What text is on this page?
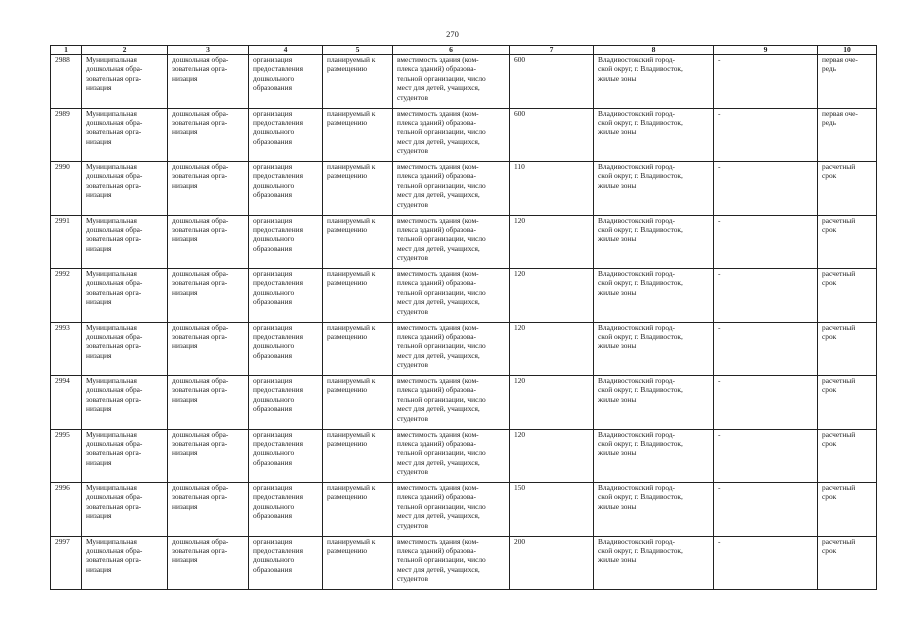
270
1	2	3	4	5	6	7	8	9	10
2988	Муниципальная
дошкольная обра-
зовательная орга-
низация	дошкольная обра-
зовательная орга-
низация	организация
предоставления
дошкольного
образования	планируемый к
размещению	вместимость здания (ком-
плекса зданий) образова-
тельной организации, число
мест для детей, учащихся,
студентов	600	Владивостокский город-
ской округ, г. Владивосток,
жилые зоны	-	первая оче-
редь
2989	Муниципальная
дошкольная обра-
зовательная орга-
низация	дошкольная обра-
зовательная орга-
низация	организация
предоставления
дошкольного
образования	планируемый к
размещению	вместимость здания (ком-
плекса зданий) образова-
тельной организации, число
мест для детей, учащихся,
студентов	600	Владивостокский город-
ской округ, г. Владивосток,
жилые зоны	-	первая оче-
редь
2990	Муниципальная
дошкольная обра-
зовательная орга-
низация	дошкольная обра-
зовательная орга-
низация	организация
предоставления
дошкольного
образования	планируемый к
размещению	вместимость здания (ком-
плекса зданий) образова-
тельной организации, число
мест для детей, учащихся,
студентов	110	Владивостокский город-
ской округ, г. Владивосток,
жилые зоны	-	расчетный
срок
2991	Муниципальная
дошкольная обра-
зовательная орга-
низация	дошкольная обра-
зовательная орга-
низация	организация
предоставления
дошкольного
образования	планируемый к
размещению	вместимость здания (ком-
плекса зданий) образова-
тельной организации, число
мест для детей, учащихся,
студентов	120	Владивостокский город-
ской округ, г. Владивосток,
жилые зоны	-	расчетный
срок
2992	Муниципальная
дошкольная обра-
зовательная орга-
низация	дошкольная обра-
зовательная орга-
низация	организация
предоставления
дошкольного
образования	планируемый к
размещению	вместимость здания (ком-
плекса зданий) образова-
тельной организации, число
мест для детей, учащихся,
студентов	120	Владивостокский город-
ской округ, г. Владивосток,
жилые зоны	-	расчетный
срок
2993	Муниципальная
дошкольная обра-
зовательная орга-
низация	дошкольная обра-
зовательная орга-
низация	организация
предоставления
дошкольного
образования	планируемый к
размещению	вместимость здания (ком-
плекса зданий) образова-
тельной организации, число
мест для детей, учащихся,
студентов	120	Владивостокский город-
ской округ, г. Владивосток,
жилые зоны	-	расчетный
срок
2994	Муниципальная
дошкольная обра-
зовательная орга-
низация	дошкольная обра-
зовательная орга-
низация	организация
предоставления
дошкольного
образования	планируемый к
размещению	вместимость здания (ком-
плекса зданий) образова-
тельной организации, число
мест для детей, учащихся,
студентов	120	Владивостокский город-
ской округ, г. Владивосток,
жилые зоны	-	расчетный
срок
2995	Муниципальная
дошкольная обра-
зовательная орга-
низация	дошкольная обра-
зовательная орга-
низация	организация
предоставления
дошкольного
образования	планируемый к
размещению	вместимость здания (ком-
плекса зданий) образова-
тельной организации, число
мест для детей, учащихся,
студентов	120	Владивостокский город-
ской округ, г. Владивосток,
жилые зоны	-	расчетный
срок
2996	Муниципальная
дошкольная обра-
зовательная орга-
низация	дошкольная обра-
зовательная орга-
низация	организация
предоставления
дошкольного
образования	планируемый к
размещению	вместимость здания (ком-
плекса зданий) образова-
тельной организации, число
мест для детей, учащихся,
студентов	150	Владивостокский город-
ской округ, г. Владивосток,
жилые зоны	-	расчетный
срок
2997	Муниципальная
дошкольная обра-
зовательная орга-
низация	дошкольная обра-
зовательная орга-
низация	организация
предоставления
дошкольного
образования	планируемый к
размещению	вместимость здания (ком-
плекса зданий) образова-
тельной организации, число
мест для детей, учащихся,
студентов	200	Владивостокский город-
ской округ, г. Владивосток,
жилые зоны	-	расчетный
срок
